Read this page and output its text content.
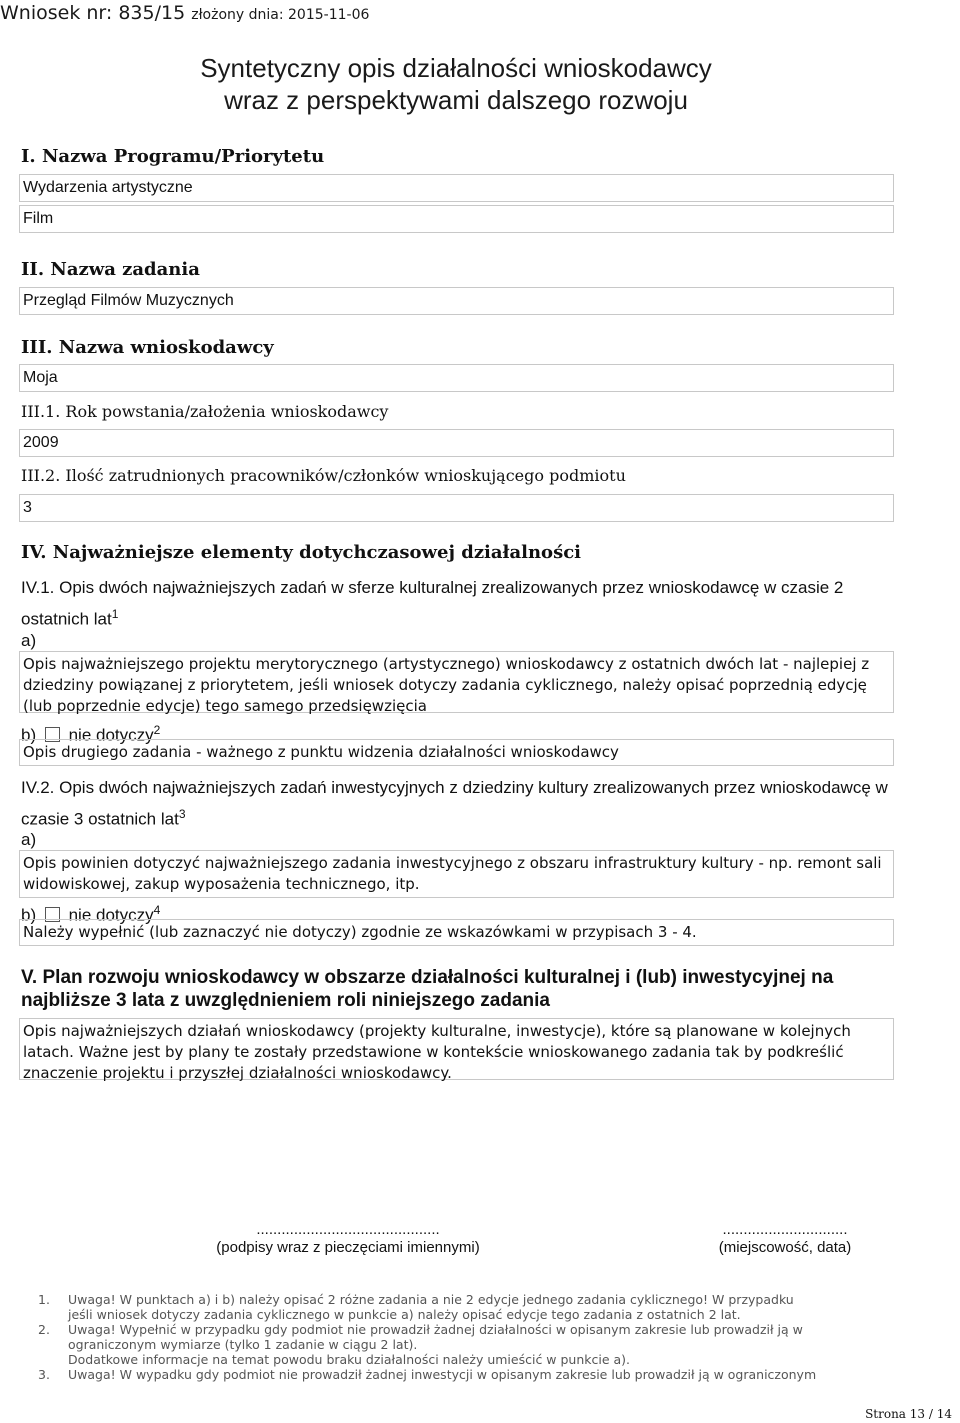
Wniosek nr: 835/15 złożony dnia: 2015-11-06
Syntetyczny opis działalności wnioskodawcy
wraz z perspektywami dalszego rozwoju
I. Nazwa Programu/Priorytetu
Wydarzenia artystyczne
Film
II. Nazwa zadania
Przegląd Filmów Muzycznych
III. Nazwa wnioskodawcy
Moja
III.1. Rok powstania/założenia wnioskodawcy
2009
III.2. Ilość zatrudnionych pracowników/członków wnioskującego podmiotu
3
IV. Najważniejsze elementy dotychczasowej działalności
IV.1. Opis dwóch najważniejszych zadań w sferze kulturalnej zrealizowanych przez wnioskodawcę w czasie 2 ostatnich lat$^1$
a)
Opis najważniejszego projektu merytorycznego (artystycznego) wnioskodawcy z ostatnich dwóch lat - najlepiej z dziedziny powiązanej z priorytetem, jeśli wniosek dotyczy zadania cyklicznego, należy opisać poprzednią edycję (lub poprzednie edycje) tego samego przedsięwzięcia
b) nie dotyczy$^2$
Opis drugiego zadania - ważnego z punktu widzenia działalności wnioskodawcy
IV.2. Opis dwóch najważniejszych zadań inwestycyjnych z dziedziny kultury zrealizowanych przez wnioskodawcę w czasie 3 ostatnich lat$^3$
a)
Opis powinien dotyczyć najważniejszego zadania inwestycyjnego z obszaru infrastruktury kultury - np. remont sali widowiskowej, zakup wyposażenia technicznego, itp.
b) nie dotyczy$^4$
Należy wypełnić (lub zaznaczyć nie dotyczy) zgodnie ze wskazówkami w przypisach 3 - 4.
V. Plan rozwoju wnioskodawcy w obszarze działalności kulturalnej i (lub) inwestycyjnej na najbliższe 3 lata z uwzględnieniem roli niniejszego zadania
Opis najważniejszych działań wnioskodawcy (projekty kulturalne, inwestycje), które są planowane w kolejnych latach. Ważne jest by plany te zostały przedstawione w kontekście wnioskowanego zadania tak by podkreślić znaczenie projektu i przyszłej działalności wnioskodawcy.
............................................
(podpisy wraz z pieczęciami imiennymi)
..............................
(miejscowość, data)
1. Uwaga! W punktach a) i b) należy opisać 2 różne zadania a nie 2 edycje jednego zadania cyklicznego! W przypadku
jeśli wniosek dotyczy zadania cyklicznego w punkcie a) należy opisać edycje tego zadania z ostatnich 2 lat.
2. Uwaga! Wypełnić w przypadku gdy podmiot nie prowadził żadnej działalności w opisanym zakresie lub prowadził ją w
ograniczonym wymiarze (tylko 1 zadanie w ciągu 2 lat).
Dodatkowe informacje na temat powodu braku działalności należy umieścić w punkcie a).
3. Uwaga! W wypadku gdy podmiot nie prowadził żadnej inwestycji w opisanym zakresie lub prowadził ją w ograniczonym
Strona 13 / 14
